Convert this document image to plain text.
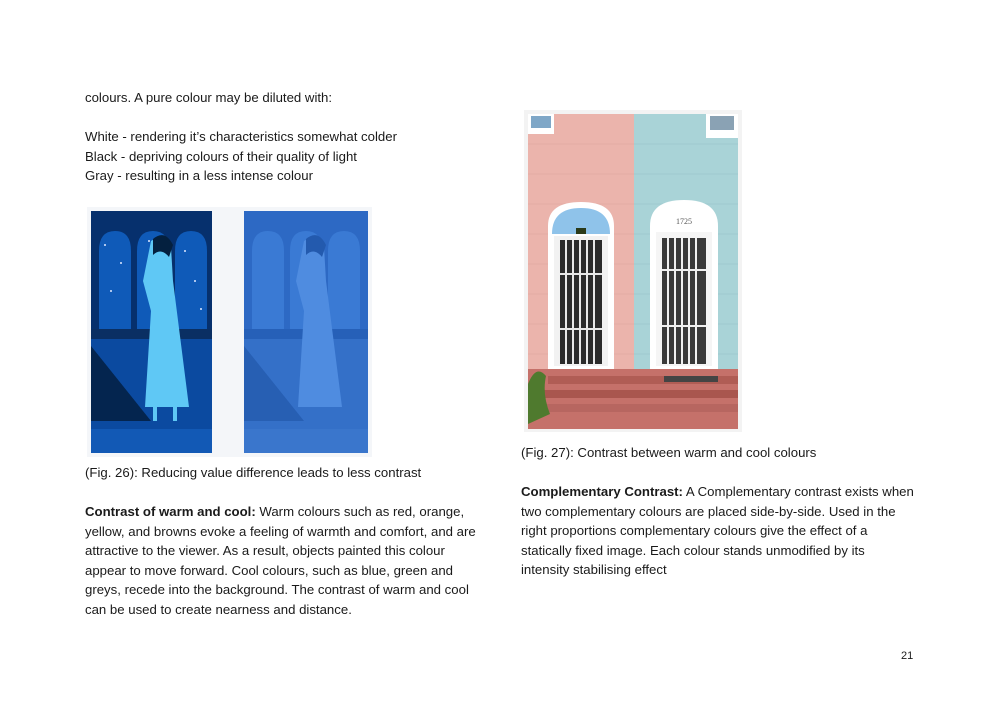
colours. A pure colour may be diluted with:

White - rendering it’s characteristics somewhat colder

Black - depriving colours of their quality of light

Gray - resulting in a less intense colour

(Fig. 26): Reducing value difference leads to less contrast

Contrast of warm and cool: Warm colours such as red, orange,

yellow, and browns evoke a feeling of warmth and comfort, and are

attractive to the viewer. As a result, objects painted this colour

appear to move forward. Cool colours, such as blue, green and

greys, recede into the background. The contrast of warm and cool

can be used to create nearness and distance.

1725

(Fig. 27): Contrast between warm and cool colours

Complementary Contrast: A Complementary contrast exists when

two complementary colours are placed side-by-side. Used in the

right proportions complementary colours give the effect of a

statically fixed image. Each colour stands unmodified by its

intensity stabilising effect

21
